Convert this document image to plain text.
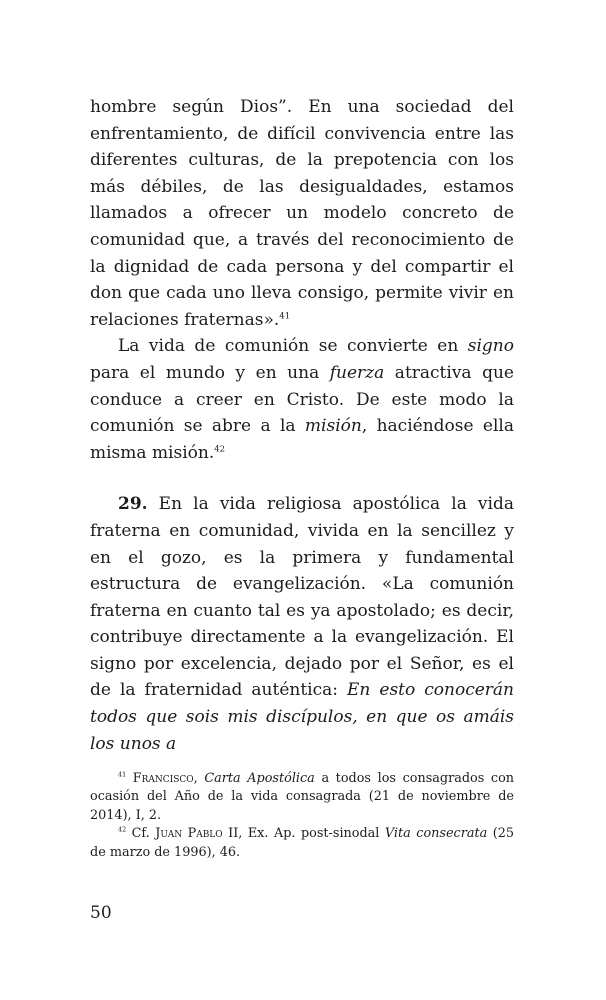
hombre según Dios”. En una sociedad del enfrentamiento, de difícil convivencia entre las diferentes culturas, de la prepotencia con los más débiles, de las desigualdades, estamos llamados a ofrecer un modelo concreto de comunidad que, a través del reconocimiento de la dignidad de cada persona y del compartir el don que cada uno lleva consigo, permite vivir en relaciones fraternas».$^{41}$

La vida de comunión se convierte en signo para el mundo y en una fuerza atractiva que conduce a creer en Cristo. De este modo la comunión se abre a la misión, haciéndose ella misma misión.$^{42}$

29. En la vida religiosa apostólica la vida fraterna en comunidad, vivida en la sencillez y en el gozo, es la primera y fundamental estructura de evangelización. «La comunión fraterna en cuanto tal es ya apostolado; es decir, contribuye directamente a la evangelización. El signo por excelencia, dejado por el Señor, es el de la fraternidad auténtica: En esto conocerán todos que sois mis discípulos, en que os amáis los unos a

$^{41}$ Francisco, Carta Apostólica a todos los consagrados con ocasión del Año de la vida consagrada (21 de noviembre de 2014), I, 2.

$^{42}$ Cf. Juan Pablo II, Ex. Ap. post-sinodal Vita consecrata (25 de marzo de 1996), 46.

50
